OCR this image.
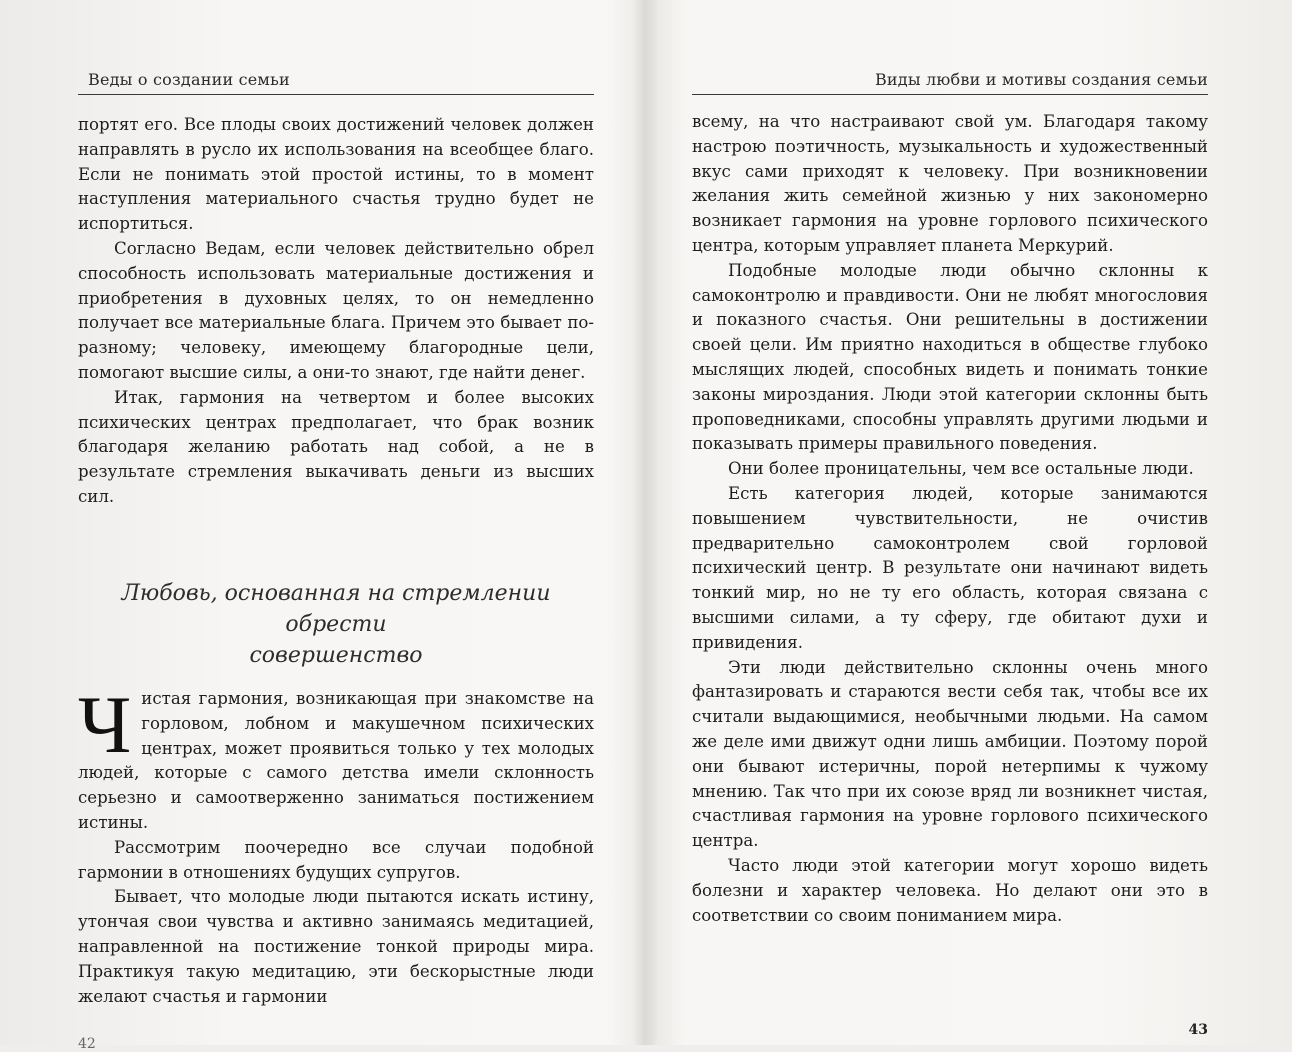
Веды о создании семьи

портят его. Все плоды своих достижений человек должен направлять в русло их использования на всеобщее благо. Если не понимать этой простой истины, то в момент наступления материального счастья трудно будет не испортиться.

Согласно Ведам, если человек действительно обрел способность использовать материальные достижения и приобретения в духовных целях, то он немедленно получает все материальные блага. Причем это бывает по-разному; человеку, имеющему благородные цели, помогают высшие силы, а они-то знают, где найти денег.

Итак, гармония на четвертом и более высоких психических центрах предполагает, что брак возник благодаря желанию работать над собой, а не в результате стремления выкачивать деньги из высших сил.

Любовь, основанная на стремлении обрести
совершенство

Чистая гармония, возникающая при знакомстве на горловом, лобном и макушечном психических центрах, может проявиться только у тех молодых людей, которые с самого детства имели склонность серьезно и самоотверженно заниматься постижением истины.

Рассмотрим поочередно все случаи подобной гармонии в отношениях будущих супругов.

Бывает, что молодые люди пытаются искать истину, утончая свои чувства и активно занимаясь медитацией, направленной на постижение тонкой природы мира. Практикуя такую медитацию, эти бескорыстные люди желают счастья и гармонии

42
Виды любви и мотивы создания семьи

всему, на что настраивают свой ум. Благодаря такому настрою поэтичность, музыкальность и художественный вкус сами приходят к человеку. При возникновении желания жить семейной жизнью у них закономерно возникает гармония на уровне горлового психического центра, которым управляет планета Меркурий.

Подобные молодые люди обычно склонны к самоконтролю и правдивости. Они не любят многословия и показного счастья. Они решительны в достижении своей цели. Им приятно находиться в обществе глубоко мыслящих людей, способных видеть и понимать тонкие законы мироздания. Люди этой категории склонны быть проповедниками, способны управлять другими людьми и показывать примеры правильного поведения.

Они более проницательны, чем все остальные люди.

Есть категория людей, которые занимаются повышением чувствительности, не очистив предварительно самоконтролем свой горловой психический центр. В результате они начинают видеть тонкий мир, но не ту его область, которая связана с высшими силами, а ту сферу, где обитают духи и привидения.

Эти люди действительно склонны очень много фантазировать и стараются вести себя так, чтобы все их считали выдающимися, необычными людьми. На самом же деле ими движут одни лишь амбиции. Поэтому порой они бывают истеричны, порой нетерпимы к чужому мнению. Так что при их союзе вряд ли возникнет чистая, счастливая гармония на уровне горлового психического центра.

Часто люди этой категории могут хорошо видеть болезни и характер человека. Но делают они это в соответствии со своим пониманием мира.

43
